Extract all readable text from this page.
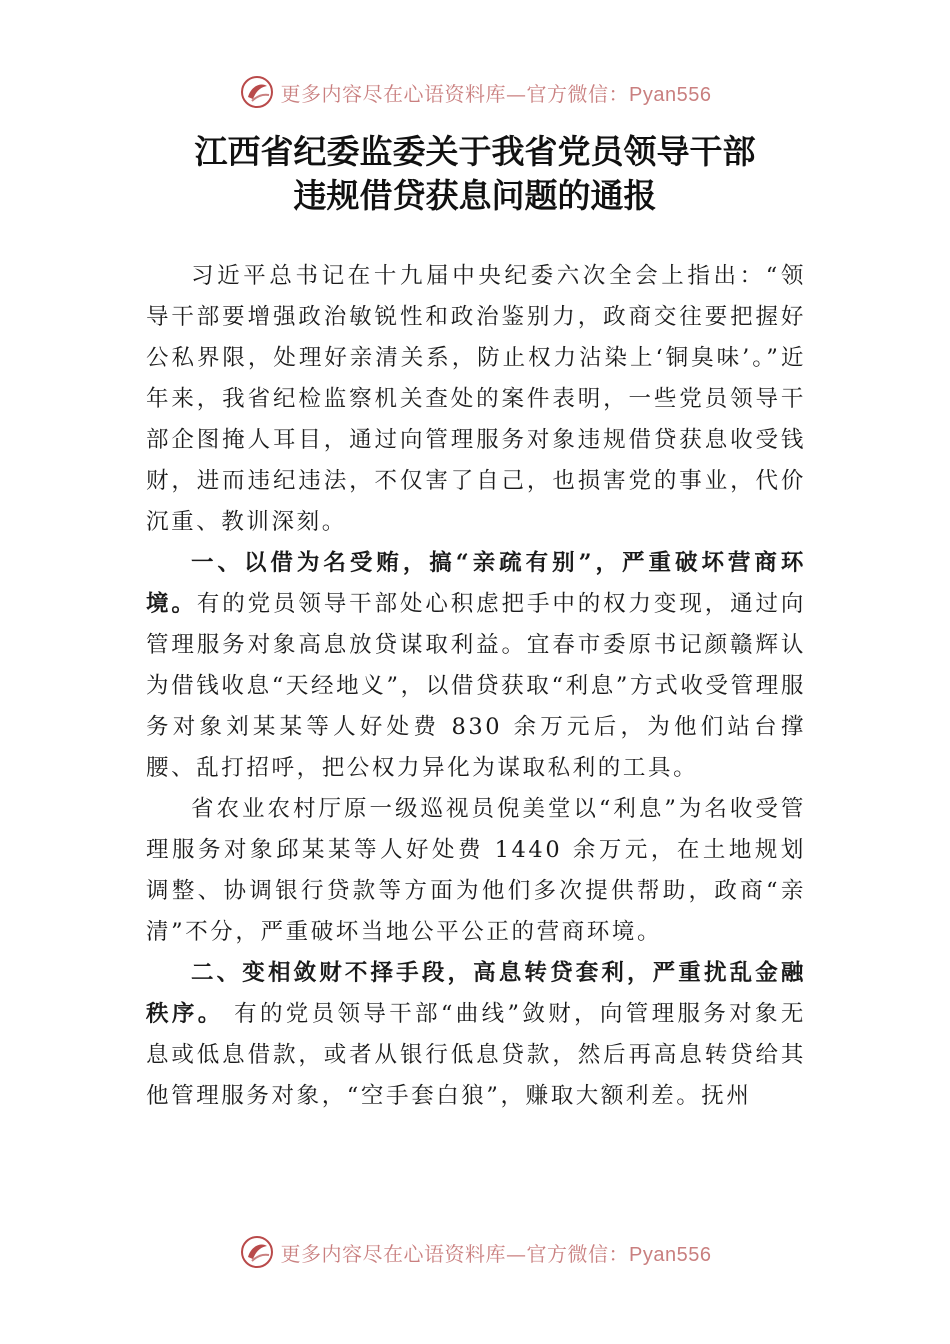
更多内容尽在心语资料库—官方微信：Pyan556
江西省纪委监委关于我省党员领导干部
违规借贷获息问题的通报

习近平总书记在十九届中央纪委六次全会上指出：“领导干部要增强政治敏锐性和政治鉴别力，政商交往要把握好公私界限，处理好亲清关系，防止权力沾染上‘铜臭味’。”近年来，我省纪检监察机关查处的案件表明，一些党员领导干部企图掩人耳目，通过向管理服务对象违规借贷获息收受钱财，进而违纪违法，不仅害了自己，也损害党的事业，代价沉重、教训深刻。

一、以借为名受贿，搞“亲疏有别”，严重破坏营商环境。有的党员领导干部处心积虑把手中的权力变现，通过向管理服务对象高息放贷谋取利益。宜春市委原书记颜赣辉认为借钱收息“天经地义”，以借贷获取“利息”方式收受管理服务对象刘某某等人好处费 830 余万元后，为他们站台撑腰、乱打招呼，把公权力异化为谋取私利的工具。

省农业农村厅原一级巡视员倪美堂以“利息”为名收受管理服务对象邱某某等人好处费 1440 余万元，在土地规划调整、协调银行贷款等方面为他们多次提供帮助，政商“亲清”不分，严重破坏当地公平公正的营商环境。

二、变相敛财不择手段，高息转贷套利，严重扰乱金融秩序。 有的党员领导干部“曲线”敛财，向管理服务对象无息或低息借款，或者从银行低息贷款，然后再高息转贷给其他管理服务对象，“空手套白狼”，赚取大额利差。抚州

更多内容尽在心语资料库—官方微信：Pyan556
